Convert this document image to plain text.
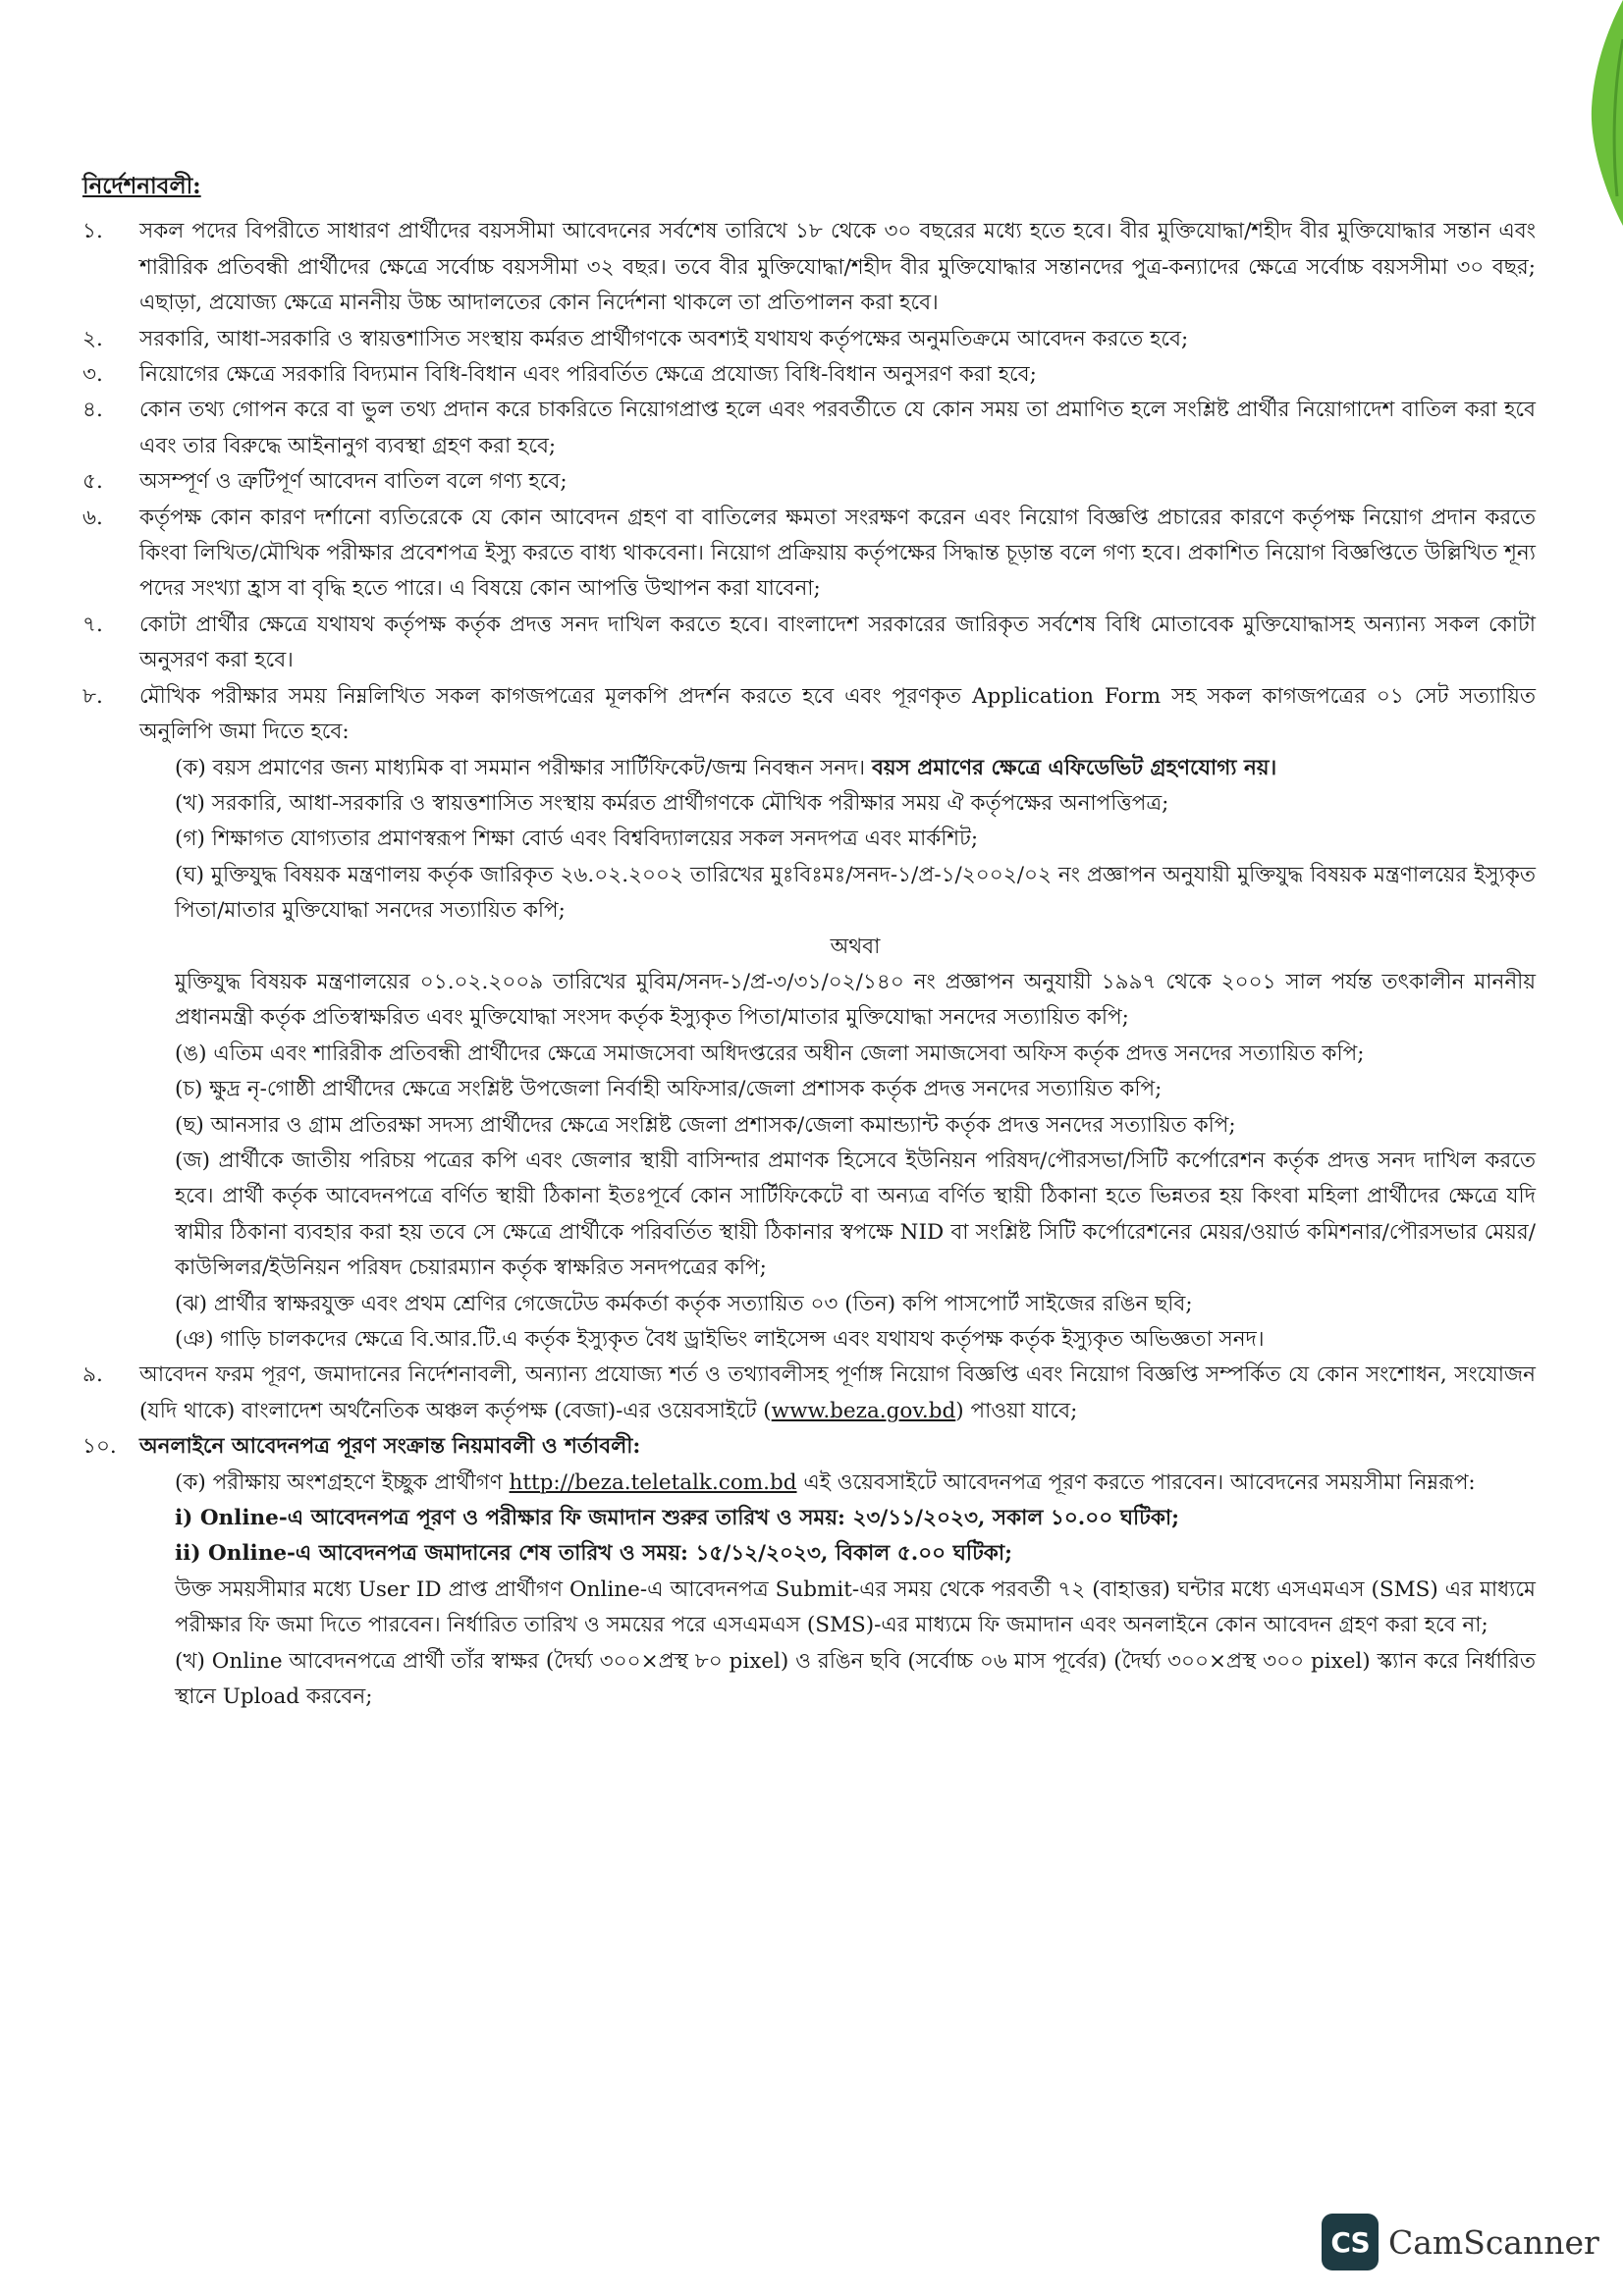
নির্দেশনাবলী:
১.	সকল পদের বিপরীতে সাধারণ প্রার্থীদের বয়সসীমা আবেদনের সর্বশেষ তারিখে ১৮ থেকে ৩০ বছরের মধ্যে হতে হবে। বীর মুক্তিযোদ্ধা/শহীদ বীর মুক্তিযোদ্ধার সন্তান এবং শারীরিক প্রতিবন্ধী প্রার্থীদের ক্ষেত্রে সর্বোচ্চ বয়সসীমা ৩২ বছর। তবে বীর মুক্তিযোদ্ধা/শহীদ বীর মুক্তিযোদ্ধার সন্তানদের পুত্র-কন্যাদের ক্ষেত্রে সর্বোচ্চ বয়সসীমা ৩০ বছর; এছাড়া, প্রযোজ্য ক্ষেত্রে মাননীয় উচ্চ আদালতের কোন নির্দেশনা থাকলে তা প্রতিপালন করা হবে।
২.	সরকারি, আধা-সরকারি ও স্বায়ত্তশাসিত সংস্থায় কর্মরত প্রার্থীগণকে অবশ্যই যথাযথ কর্তৃপক্ষের অনুমতিক্রমে আবেদন করতে হবে;
৩.	নিয়োগের ক্ষেত্রে সরকারি বিদ্যমান বিধি-বিধান এবং পরিবর্তিত ক্ষেত্রে প্রযোজ্য বিধি-বিধান অনুসরণ করা হবে;
৪.	কোন তথ্য গোপন করে বা ভুল তথ্য প্রদান করে চাকরিতে নিয়োগপ্রাপ্ত হলে এবং পরবর্তীতে যে কোন সময় তা প্রমাণিত হলে সংশ্লিষ্ট প্রার্থীর নিয়োগাদেশ বাতিল করা হবে এবং তার বিরুদ্ধে আইনানুগ ব্যবস্থা গ্রহণ করা হবে;
৫.	অসম্পূর্ণ ও ত্রুটিপূর্ণ আবেদন বাতিল বলে গণ্য হবে;
৬.	কর্তৃপক্ষ কোন কারণ দর্শানো ব্যতিরেকে যে কোন আবেদন গ্রহণ বা বাতিলের ক্ষমতা সংরক্ষণ করেন এবং নিয়োগ বিজ্ঞপ্তি প্রচারের কারণে কর্তৃপক্ষ নিয়োগ প্রদান করতে কিংবা লিখিত/মৌখিক পরীক্ষার প্রবেশপত্র ইস্যু করতে বাধ্য থাকবেনা। নিয়োগ প্রক্রিয়ায় কর্তৃপক্ষের সিদ্ধান্ত চূড়ান্ত বলে গণ্য হবে। প্রকাশিত নিয়োগ বিজ্ঞপ্তিতে উল্লিখিত শূন্য পদের সংখ্যা হ্রাস বা বৃদ্ধি হতে পারে। এ বিষয়ে কোন আপত্তি উত্থাপন করা যাবেনা;
৭.	কোটা প্রার্থীর ক্ষেত্রে যথাযথ কর্তৃপক্ষ কর্তৃক প্রদত্ত সনদ দাখিল করতে হবে। বাংলাদেশ সরকারের জারিকৃত সর্বশেষ বিধি মোতাবেক মুক্তিযোদ্ধাসহ অন্যান্য সকল কোটা অনুসরণ করা হবে।
৮.	মৌখিক পরীক্ষার সময় নিম্নলিখিত সকল কাগজপত্রের মূলকপি প্রদর্শন করতে হবে এবং পূরণকৃত Application Form সহ সকল কাগজপত্রের ০১ সেট সত্যায়িত অনুলিপি জমা দিতে হবে:
(ক) বয়স প্রমাণের জন্য মাধ্যমিক বা সমমান পরীক্ষার সার্টিফিকেট/জন্ম নিবন্ধন সনদ। বয়স প্রমাণের ক্ষেত্রে এফিডেভিট গ্রহণযোগ্য নয়।
(খ) সরকারি, আধা-সরকারি ও স্বায়ত্তশাসিত সংস্থায় কর্মরত প্রার্থীগণকে মৌখিক পরীক্ষার সময় ঐ কর্তৃপক্ষের অনাপত্তিপত্র;
(গ) শিক্ষাগত যোগ্যতার প্রমাণস্বরূপ শিক্ষা বোর্ড এবং বিশ্ববিদ্যালয়ের সকল সনদপত্র এবং মার্কশিট;
(ঘ) মুক্তিযুদ্ধ বিষয়ক মন্ত্রণালয় কর্তৃক জারিকৃত ২৬.০২.২০০২ তারিখের মুঃবিঃমঃ/সনদ-১/প্র-১/২০০২/০২ নং প্রজ্ঞাপন অনুযায়ী মুক্তিযুদ্ধ বিষয়ক মন্ত্রণালয়ের ইস্যুকৃত পিতা/মাতার মুক্তিযোদ্ধা সনদের সত্যায়িত কপি;
অথবা
মুক্তিযুদ্ধ বিষয়ক মন্ত্রণালয়ের ০১.০২.২০০৯ তারিখের মুবিম/সনদ-১/প্র-৩/৩১/০২/১৪০ নং প্রজ্ঞাপন অনুযায়ী ১৯৯৭ থেকে ২০০১ সাল পর্যন্ত তৎকালীন মাননীয় প্রধানমন্ত্রী কর্তৃক প্রতিস্বাক্ষরিত এবং মুক্তিযোদ্ধা সংসদ কর্তৃক ইস্যুকৃত পিতা/মাতার মুক্তিযোদ্ধা সনদের সত্যায়িত কপি;
(ঙ) এতিম এবং শারিরীক প্রতিবন্ধী প্রার্থীদের ক্ষেত্রে সমাজসেবা অধিদপ্তরের অধীন জেলা সমাজসেবা অফিস কর্তৃক প্রদত্ত সনদের সত্যায়িত কপি;
(চ) ক্ষুদ্র নৃ-গোষ্ঠী প্রার্থীদের ক্ষেত্রে সংশ্লিষ্ট উপজেলা নির্বাহী অফিসার/জেলা প্রশাসক কর্তৃক প্রদত্ত সনদের সত্যায়িত কপি;
(ছ) আনসার ও গ্রাম প্রতিরক্ষা সদস্য প্রার্থীদের ক্ষেত্রে সংশ্লিষ্ট জেলা প্রশাসক/জেলা কমান্ড্যান্ট কর্তৃক প্রদত্ত সনদের সত্যায়িত কপি;
(জ) প্রার্থীকে জাতীয় পরিচয় পত্রের কপি এবং জেলার স্থায়ী বাসিন্দার প্রমাণক হিসেবে ইউনিয়ন পরিষদ/পৌরসভা/সিটি কর্পোরেশন কর্তৃক প্রদত্ত সনদ দাখিল করতে হবে। প্রার্থী কর্তৃক আবেদনপত্রে বর্ণিত স্থায়ী ঠিকানা ইতঃপূর্বে কোন সার্টিফিকেটে বা অন্যত্র বর্ণিত স্থায়ী ঠিকানা হতে ভিন্নতর হয় কিংবা মহিলা প্রার্থীদের ক্ষেত্রে যদি স্বামীর ঠিকানা ব্যবহার করা হয় তবে সে ক্ষেত্রে প্রার্থীকে পরিবর্তিত স্থায়ী ঠিকানার স্বপক্ষে NID বা সংশ্লিষ্ট সিটি কর্পোরেশনের মেয়র/ওয়ার্ড কমিশনার/পৌরসভার মেয়র/কাউন্সিলর/ইউনিয়ন পরিষদ চেয়ারম্যান কর্তৃক স্বাক্ষরিত সনদপত্রের কপি;
(ঝ) প্রার্থীর স্বাক্ষরযুক্ত এবং প্রথম শ্রেণির গেজেটেড কর্মকর্তা কর্তৃক সত্যায়িত ০৩ (তিন) কপি পাসপোর্ট সাইজের রঙিন ছবি;
(ঞ) গাড়ি চালকদের ক্ষেত্রে বি.আর.টি.এ কর্তৃক ইস্যুকৃত বৈধ ড্রাইভিং লাইসেন্স এবং যথাযথ কর্তৃপক্ষ কর্তৃক ইস্যুকৃত অভিজ্ঞতা সনদ।
৯.	আবেদন ফরম পূরণ, জমাদানের নির্দেশনাবলী, অন্যান্য প্রযোজ্য শর্ত ও তথ্যাবলীসহ পূর্ণাঙ্গ নিয়োগ বিজ্ঞপ্তি এবং নিয়োগ বিজ্ঞপ্তি সম্পর্কিত যে কোন সংশোধন, সংযোজন (যদি থাকে) বাংলাদেশ অর্থনৈতিক অঞ্চল কর্তৃপক্ষ (বেজা)-এর ওয়েবসাইটে (www.beza.gov.bd) পাওয়া যাবে;
১০.	অনলাইনে আবেদনপত্র পূরণ সংক্রান্ত নিয়মাবলী ও শর্তাবলী:
(ক) পরীক্ষায় অংশগ্রহণে ইচ্ছুক প্রার্থীগণ http://beza.teletalk.com.bd এই ওয়েবসাইটে আবেদনপত্র পূরণ করতে পারবেন। আবেদনের সময়সীমা নিম্নরূপ:
i) Online-এ আবেদনপত্র পূরণ ও পরীক্ষার ফি জমাদান শুরুর তারিখ ও সময়: ২৩/১১/২০২৩, সকাল ১০.০০ ঘটিকা;
ii) Online-এ আবেদনপত্র জমাদানের শেষ তারিখ ও সময়: ১৫/১২/২০২৩, বিকাল ৫.০০ ঘটিকা;
উক্ত সময়সীমার মধ্যে User ID প্রাপ্ত প্রার্থীগণ Online-এ আবেদনপত্র Submit-এর সময় থেকে পরবর্তী ৭২ (বাহাত্তর) ঘন্টার মধ্যে এসএমএস (SMS) এর মাধ্যমে পরীক্ষার ফি জমা দিতে পারবেন। নির্ধারিত তারিখ ও সময়ের পরে এসএমএস (SMS)-এর মাধ্যমে ফি জমাদান এবং অনলাইনে কোন আবেদন গ্রহণ করা হবে না;
(খ) Online আবেদনপত্রে প্রার্থী তাঁর স্বাক্ষর (দৈর্ঘ্য ৩০০×প্রস্থ ৮০ pixel) ও রঙিন ছবি (সর্বোচ্চ ০৬ মাস পূর্বের) (দৈর্ঘ্য ৩০০×প্রস্থ ৩০০ pixel) স্ক্যান করে নির্ধারিত স্থানে Upload করবেন;
CS CamScanner
